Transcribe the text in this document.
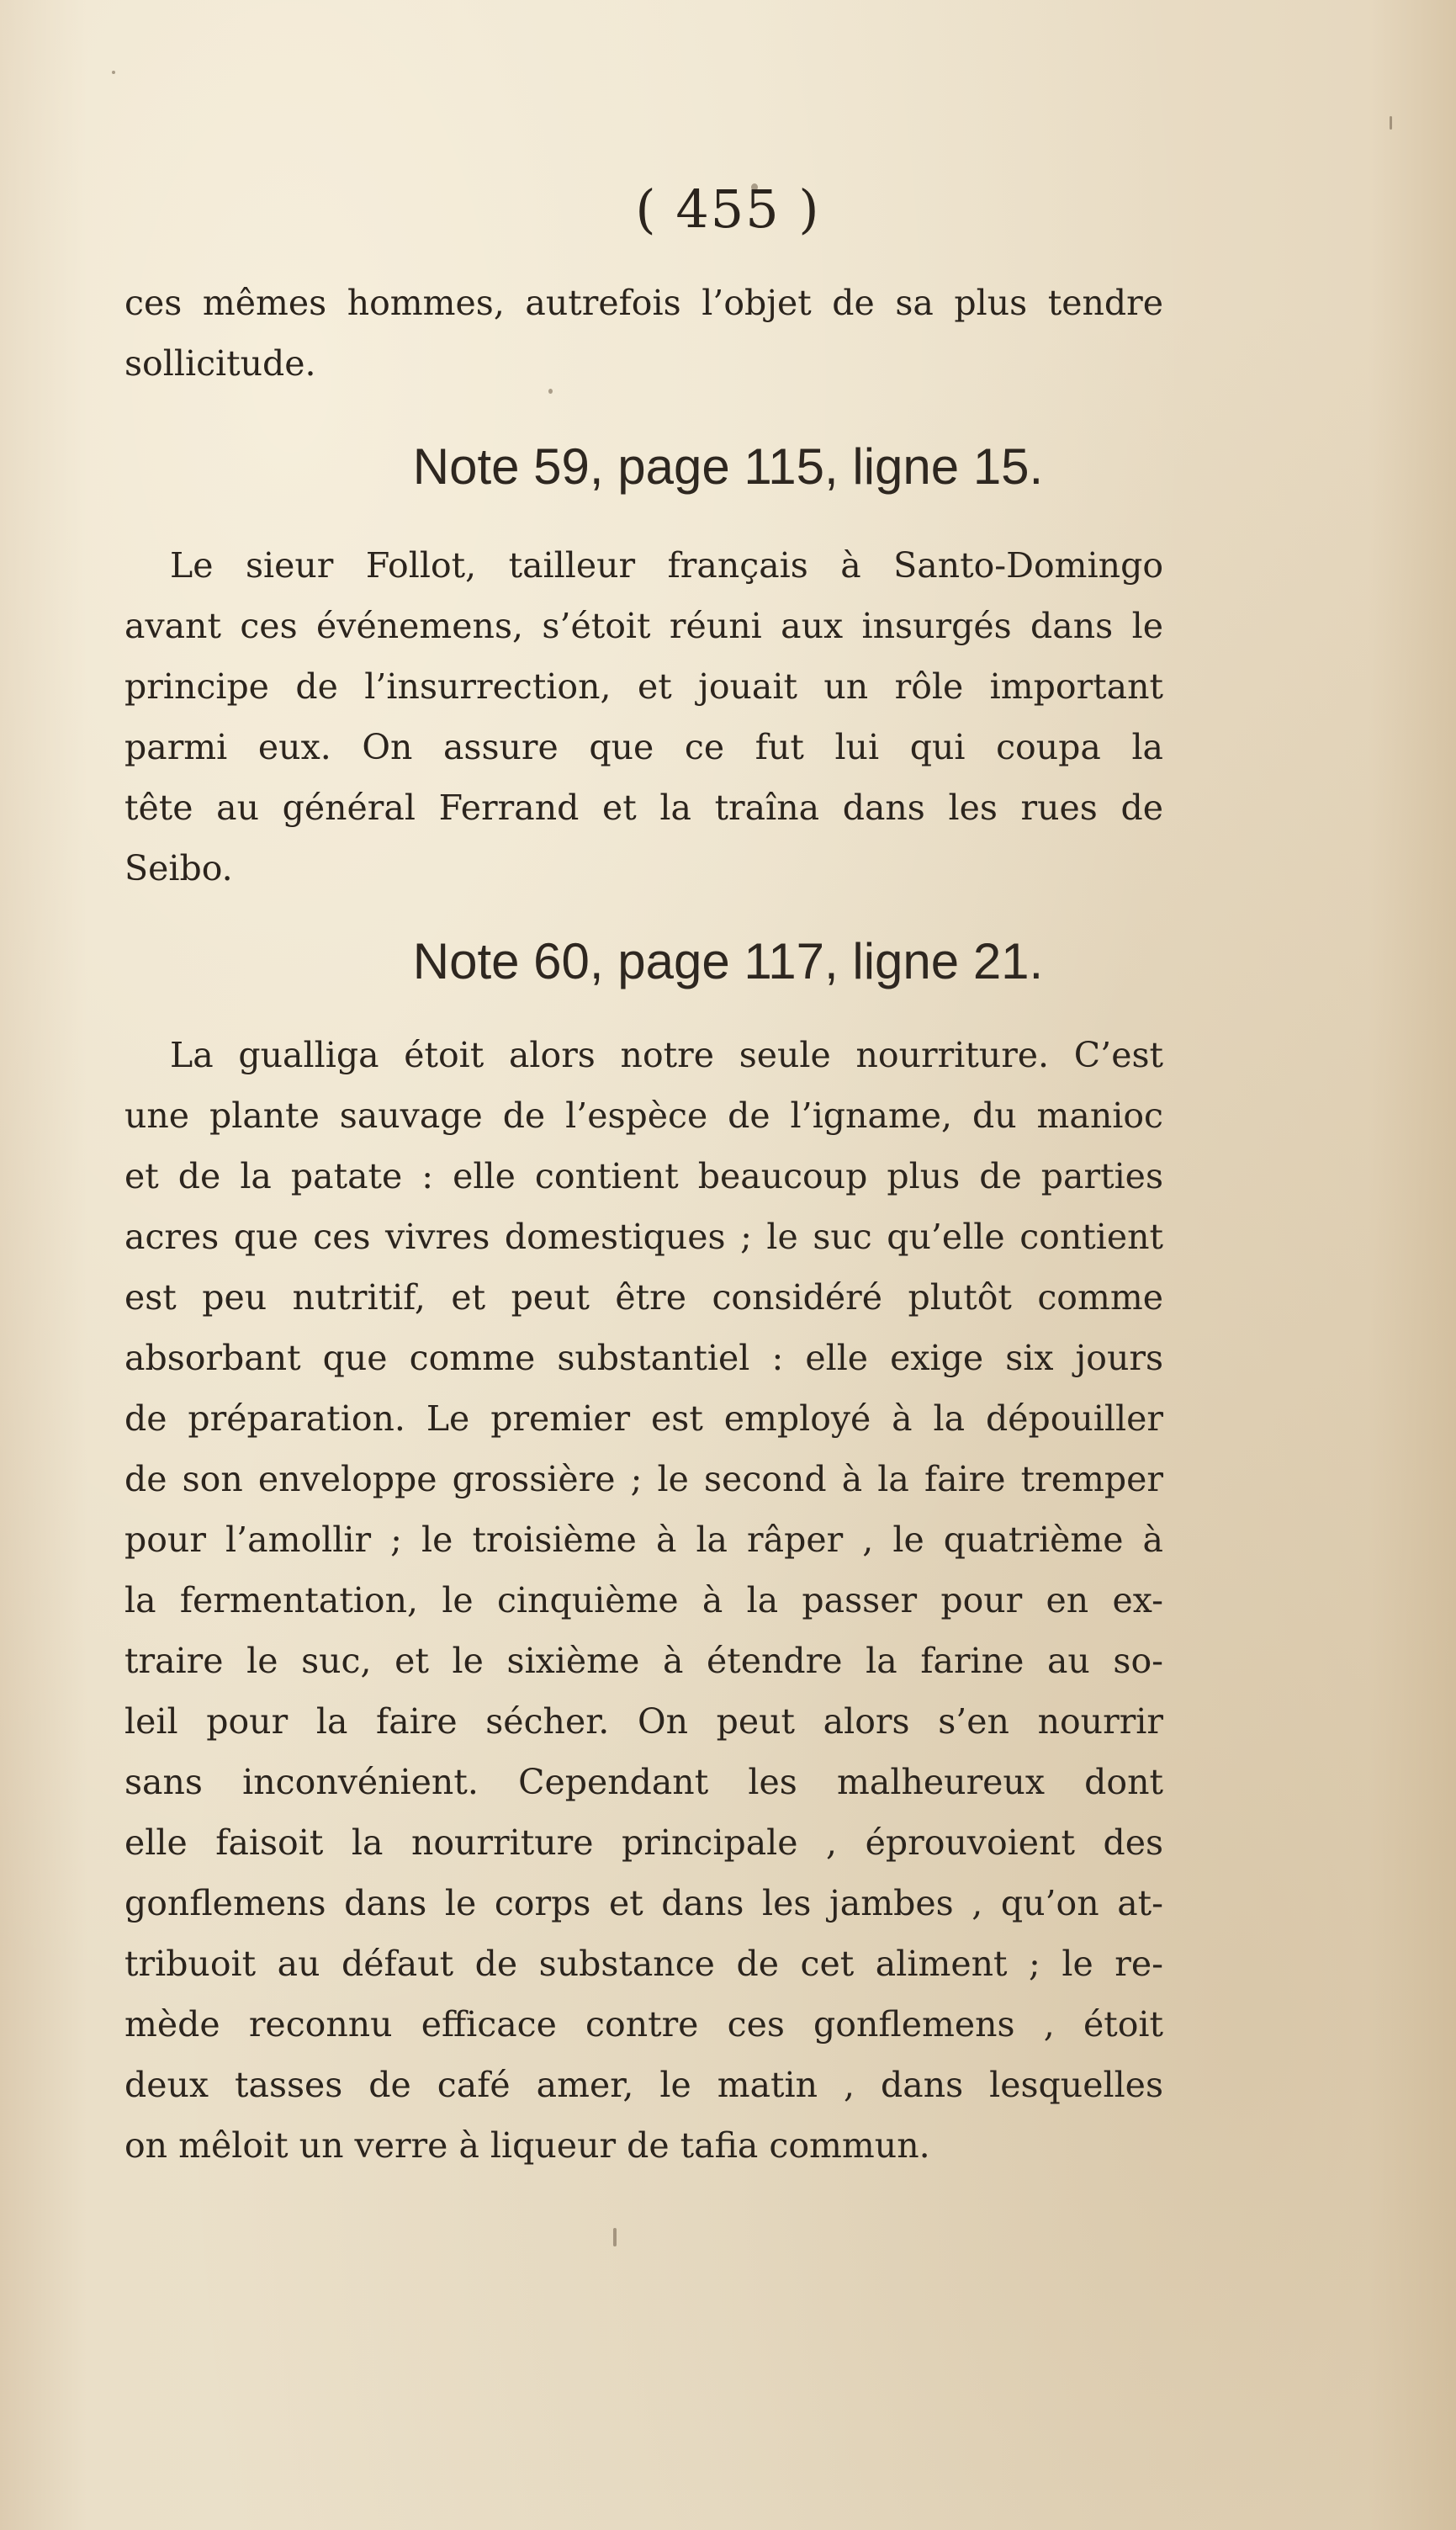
( 455 )
ces mêmes hommes, autrefois l’objet de sa plus tendre
sollicitude.
Note 59, page 115, ligne 15.
Le sieur Follot, tailleur français à Santo-Domingo
avant ces événemens, s’étoit réuni aux insurgés dans le
principe de l’insurrection, et jouait un rôle important
parmi eux. On assure que ce fut lui qui coupa la
tête au général Ferrand et la traîna dans les rues de
Seibo.
Note 60, page 117, ligne 21.
La gualliga étoit alors notre seule nourriture. C’est
une plante sauvage de l’espèce de l’igname, du manioc
et de la patate : elle contient beaucoup plus de parties
acres que ces vivres domestiques ; le suc qu’elle contient
est peu nutritif, et peut être considéré plutôt comme
absorbant que comme substantiel : elle exige six jours
de préparation. Le premier est employé à la dépouiller
de son enveloppe grossière ; le second à la faire tremper
pour l’amollir ; le troisième à la râper , le quatrième à
la fermentation, le cinquième à la passer pour en ex-
traire le suc, et le sixième à étendre la farine au so-
leil pour la faire sécher. On peut alors s’en nourrir
sans inconvénient. Cependant les malheureux dont
elle faisoit la nourriture principale , éprouvoient des
gonflemens dans le corps et dans les jambes , qu’on at-
tribuoit au défaut de substance de cet aliment ; le re-
mède reconnu efficace contre ces gonflemens , étoit
deux tasses de café amer, le matin , dans lesquelles
on mêloit un verre à liqueur de tafia commun.
